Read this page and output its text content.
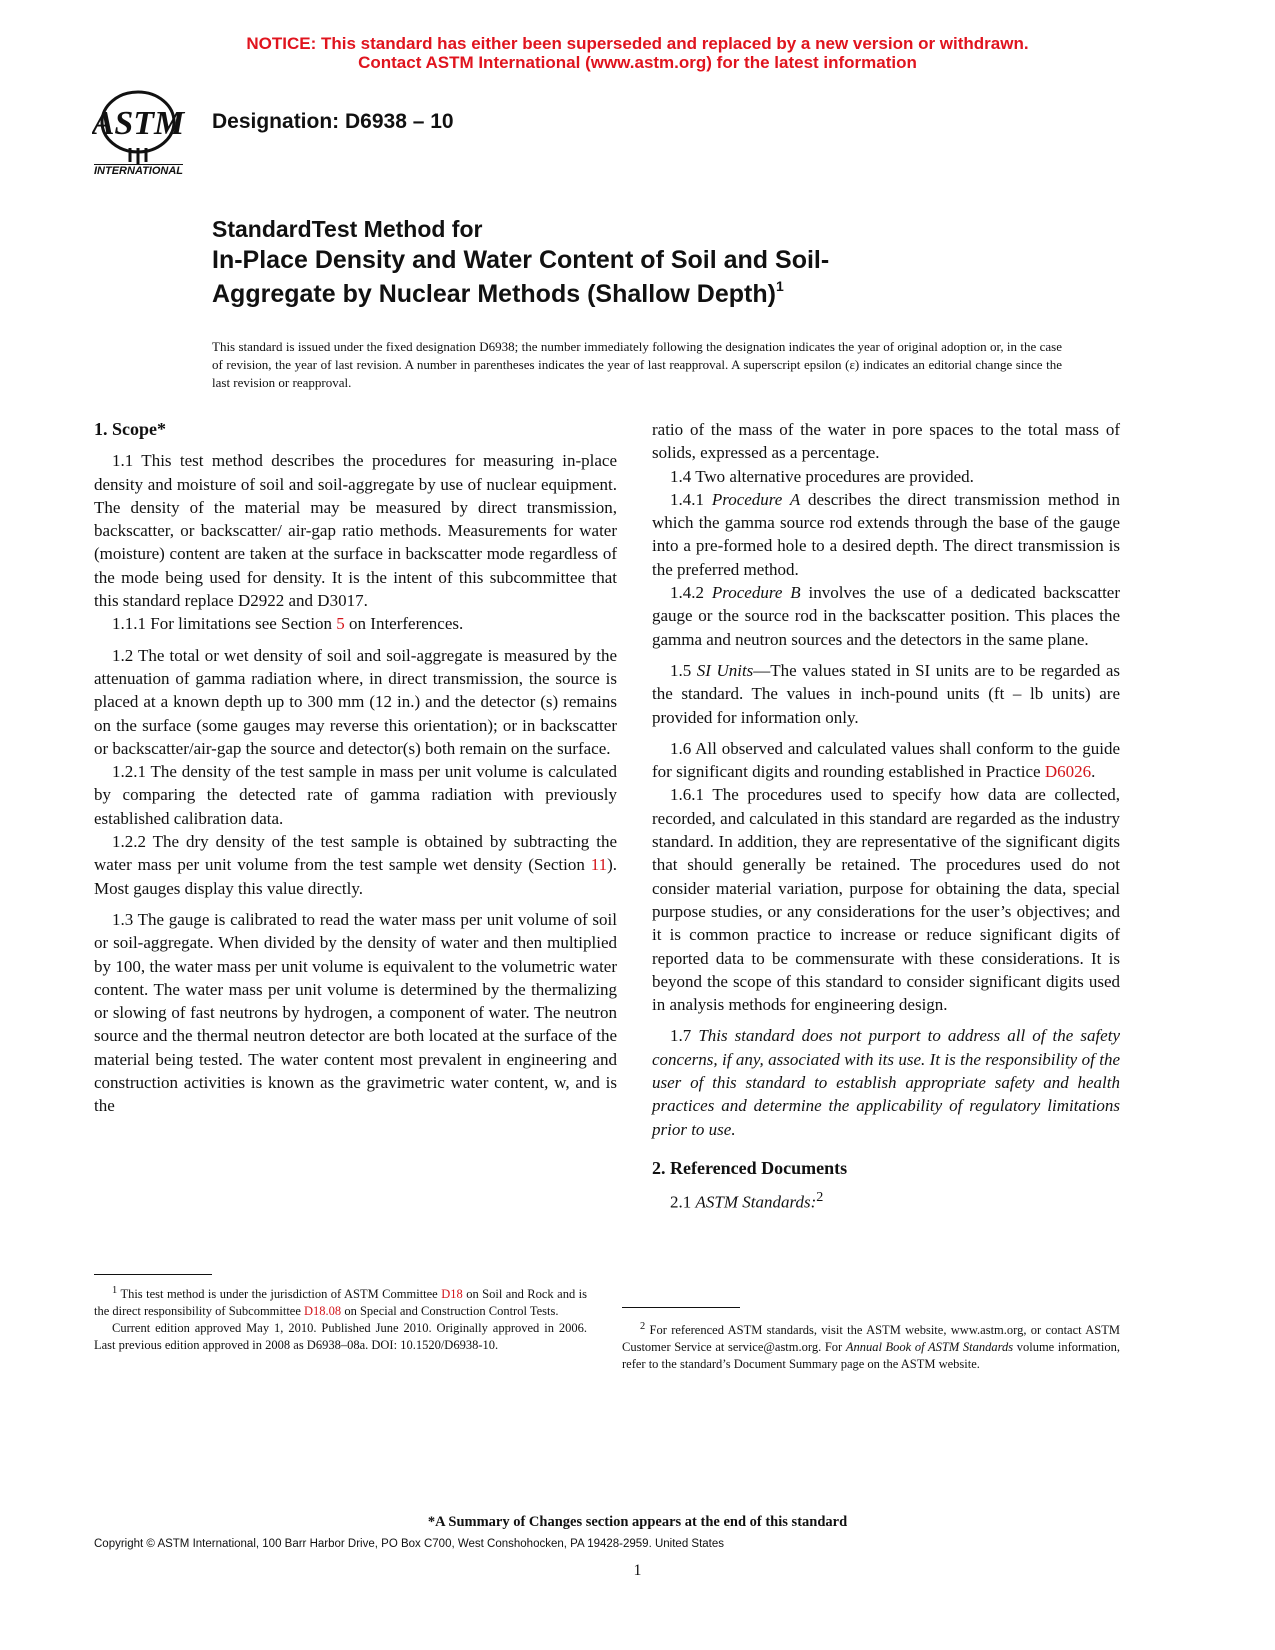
NOTICE: This standard has either been superseded and replaced by a new version or withdrawn.
Contact ASTM International (www.astm.org) for the latest information
ASTM
INTERNATIONAL
Designation: D6938 – 10
StandardTest Method for
In-Place Density and Water Content of Soil and Soil-
Aggregate by Nuclear Methods (Shallow Depth)$^1$
This standard is issued under the fixed designation D6938; the number immediately following the designation indicates the year of original adoption or, in the case of revision, the year of last revision. A number in parentheses indicates the year of last reapproval. A superscript epsilon (ε) indicates an editorial change since the last revision or reapproval.

1. Scope*

1.1 This test method describes the procedures for measuring in-place density and moisture of soil and soil-aggregate by use of nuclear equipment. The density of the material may be measured by direct transmission, backscatter, or backscatter/ air-gap ratio methods. Measurements for water (moisture) content are taken at the surface in backscatter mode regardless of the mode being used for density. It is the intent of this subcommittee that this standard replace D2922 and D3017.

1.1.1 For limitations see Section 5 on Interferences.

1.2 The total or wet density of soil and soil-aggregate is measured by the attenuation of gamma radiation where, in direct transmission, the source is placed at a known depth up to 300 mm (12 in.) and the detector (s) remains on the surface (some gauges may reverse this orientation); or in backscatter or backscatter/air-gap the source and detector(s) both remain on the surface.

1.2.1 The density of the test sample in mass per unit volume is calculated by comparing the detected rate of gamma radiation with previously established calibration data.

1.2.2 The dry density of the test sample is obtained by subtracting the water mass per unit volume from the test sample wet density (Section 11). Most gauges display this value directly.

1.3 The gauge is calibrated to read the water mass per unit volume of soil or soil-aggregate. When divided by the density of water and then multiplied by 100, the water mass per unit volume is equivalent to the volumetric water content. The water mass per unit volume is determined by the thermalizing or slowing of fast neutrons by hydrogen, a component of water. The neutron source and the thermal neutron detector are both located at the surface of the material being tested. The water content most prevalent in engineering and construction activities is known as the gravimetric water content, w, and is the

$^1$ This test method is under the jurisdiction of ASTM Committee D18 on Soil and Rock and is the direct responsibility of Subcommittee D18.08 on Special and Construction Control Tests.

Current edition approved May 1, 2010. Published June 2010. Originally approved in 2006. Last previous edition approved in 2008 as D6938–08a. DOI: 10.1520/D6938-10.

ratio of the mass of the water in pore spaces to the total mass of solids, expressed as a percentage.

1.4 Two alternative procedures are provided.

1.4.1 Procedure A describes the direct transmission method in which the gamma source rod extends through the base of the gauge into a pre-formed hole to a desired depth. The direct transmission is the preferred method.

1.4.2 Procedure B involves the use of a dedicated backscatter gauge or the source rod in the backscatter position. This places the gamma and neutron sources and the detectors in the same plane.

1.5 SI Units—The values stated in SI units are to be regarded as the standard. The values in inch-pound units (ft – lb units) are provided for information only.

1.6 All observed and calculated values shall conform to the guide for significant digits and rounding established in Practice D6026.

1.6.1 The procedures used to specify how data are collected, recorded, and calculated in this standard are regarded as the industry standard. In addition, they are representative of the significant digits that should generally be retained. The procedures used do not consider material variation, purpose for obtaining the data, special purpose studies, or any considerations for the user’s objectives; and it is common practice to increase or reduce significant digits of reported data to be commensurate with these considerations. It is beyond the scope of this standard to consider significant digits used in analysis methods for engineering design.

1.7 This standard does not purport to address all of the safety concerns, if any, associated with its use. It is the responsibility of the user of this standard to establish appropriate safety and health practices and determine the applicability of regulatory limitations prior to use.

2. Referenced Documents

2.1 ASTM Standards:$^2$

$^2$ For referenced ASTM standards, visit the ASTM website, www.astm.org, or contact ASTM Customer Service at service@astm.org. For Annual Book of ASTM Standards volume information, refer to the standard’s Document Summary page on the ASTM website.

*A Summary of Changes section appears at the end of this standard
Copyright © ASTM International, 100 Barr Harbor Drive, PO Box C700, West Conshohocken, PA 19428-2959. United States
1
